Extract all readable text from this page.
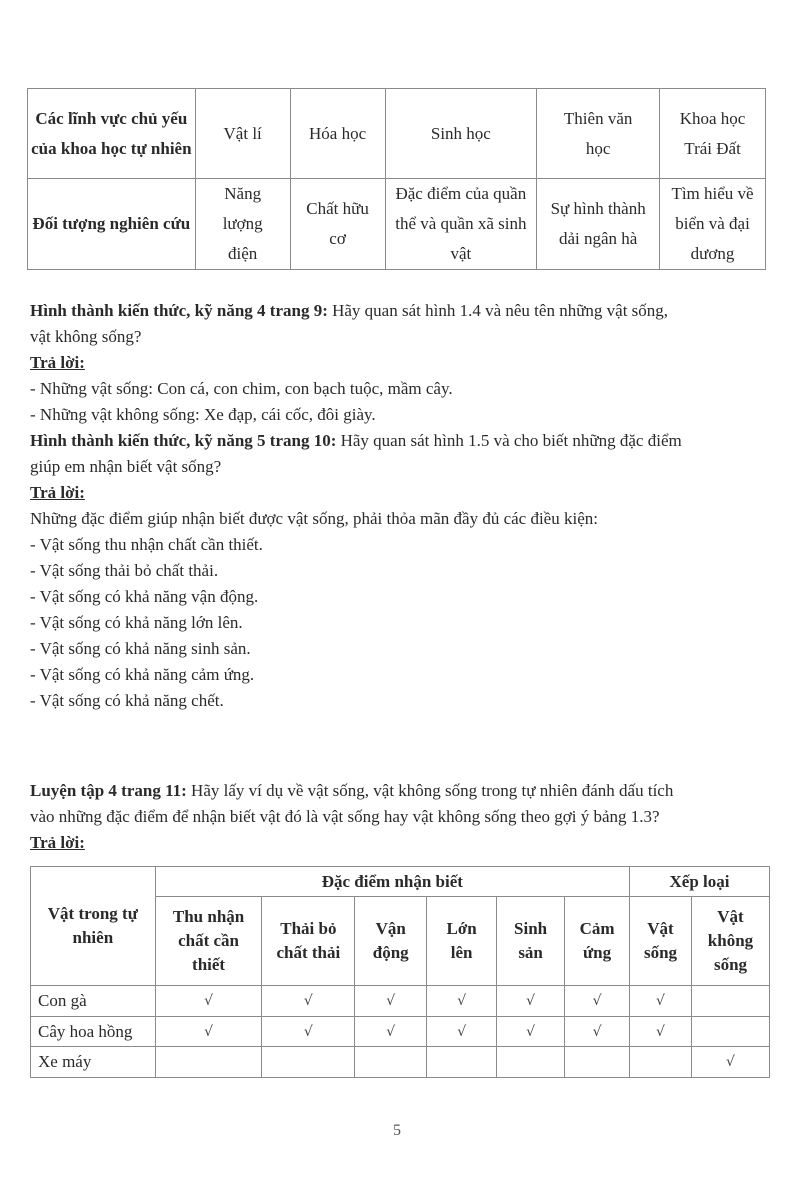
Các lĩnh vực chủ yếu của khoa học tự nhiên	Vật lí	Hóa học	Sinh học	Thiên văn học	Khoa học Trái Đất
Đối tượng nghiên cứu	Năng lượng điện	Chất hữu cơ	Đặc điểm của quần thể và quần xã sinh vật	Sự hình thành dải ngân hà	Tìm hiểu về biển và đại dương
Hình thành kiến thức, kỹ năng 4 trang 9: Hãy quan sát hình 1.4 và nêu tên những vật sống,
vật không sống?
Trả lời:
- Những vật sống: Con cá, con chim, con bạch tuộc, mầm cây.
- Những vật không sống: Xe đạp, cái cốc, đôi giày.
Hình thành kiến thức, kỹ năng 5 trang 10: Hãy quan sát hình 1.5 và cho biết những đặc điểm
giúp em nhận biết vật sống?
Trả lời:
Những đặc điểm giúp nhận biết được vật sống, phải thỏa mãn đầy đủ các điều kiện:
- Vật sống thu nhận chất cần thiết.
- Vật sống thải bỏ chất thải.
- Vật sống có khả năng vận động.
- Vật sống có khả năng lớn lên.
- Vật sống có khả năng sinh sản.
- Vật sống có khả năng cảm ứng.
- Vật sống có khả năng chết.
Luyện tập 4 trang 11: Hãy lấy ví dụ về vật sống, vật không sống trong tự nhiên đánh dấu tích
vào những đặc điểm để nhận biết vật đó là vật sống hay vật không sống theo gợi ý bảng 1.3?
Trả lời:
Vật trong tự nhiên	Đặc điểm nhận biết						Xếp loại	
	Thu nhận chất cần thiết	Thải bỏ chất thải	Vận động	Lớn lên	Sinh sản	Cảm ứng	Vật sống	Vật không sống
Con gà	√	√	√	√	√	√	√	
Cây hoa hồng	√	√	√	√	√	√	√	
Xe máy								√
5
